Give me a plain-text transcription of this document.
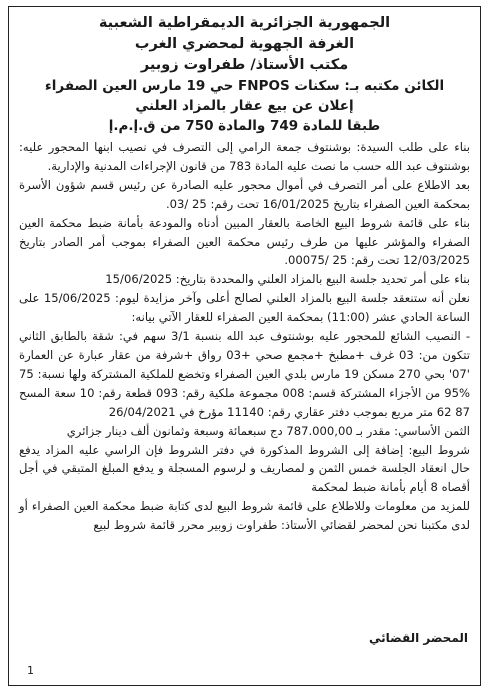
الجمهورية الجزائرية الديمقراطية الشعبية
الغرفة الجهوية لمحضري الغرب
مكتب الأستاذ/ طفراوت زوبير
الكائن مكتبه بـ: سكنات FNPOS حي 19 مارس العين الصفراء
إعلان عن بيع عقار بالمزاد العلني
طبقا للمادة 749 والمادة 750 من ق.إ.م.إ

بناء على طلب السيدة: بوشنتوف جمعة الرامي إلى التصرف في نصيب ابنها المحجور عليه: بوشنتوف عبد الله حسب ما نصت عليه المادة 783 من قانون الإجراءات المدنية والإدارية.

بعد الاطلاع على أمر التصرف في أموال محجور عليه الصادرة عن رئيس قسم شؤون الأسرة بمحكمة العين الصفراء بتاريخ 16/01/2025 تحت رقم: 25 /03.

بناء على قائمة شروط البيع الخاصة بالعقار المبين أدناه والمودعة بأمانة ضبط محكمة العين الصفراء والمؤشر عليها من طرف رئيس محكمة العين الصفراء بموجب أمر الصادر بتاريخ 12/03/2025 تحت رقم: 25 /00075.

بناء على أمر تحديد جلسة البيع بالمزاد العلني والمحددة بتاريخ: 15/06/2025

نعلن أنه ستنعقد جلسة البيع بالمزاد العلني لصالح أعلى وآخر مزايدة ليوم: 15/06/2025 على الساعة الحادي عشر (11:00) بمحكمة العين الصفراء للعقار الآتي بيانه:

- النصيب الشائع للمحجور عليه بوشنتوف عبد الله بنسبة 3/1 سهم في: شقة بالطابق الثاني تتكون من: 03 غرف +مطبخ +مجمع صحي +03 رواق +شرفة من عقار عبارة عن العمارة '07' بحي 270 مسكن 19 مارس بلدي العين الصفراء وتخضع للملكية المشتركة ولها نسبة: 75 %95 من الأجزاء المشتركة قسم: 008 مجموعة ملكية رقم: 093 قطعة رقم: 10 سعة المسح 87 62 متر مربع بموجب دفتر عقاري رقم: 11140 مؤرخ في 26/04/2021

الثمن الأساسي: مقدر بـ 787.000,00 دج سبعمائة وسبعة وثمانون ألف دينار جزائري

شروط البيع: إضافة إلى الشروط المذكورة في دفتر الشروط فإن الراسي عليه المزاد يدفع حال انعقاد الجلسة خمس الثمن و لمصاريف و لرسوم المسجلة و يدفع المبلغ المتبقي في أجل أقصاه 8 أيام بأمانة ضبط لمحكمة

للمزيد من معلومات وللاطلاع على قائمة شروط البيع لدى كتابة ضبط محكمة العين الصفراء أو لدى مكتبنا نحن لمحضر لقضائي الأستاذ: طفراوت زوبير محرر قائمة شروط لبيع

المحضر القضائي
1
